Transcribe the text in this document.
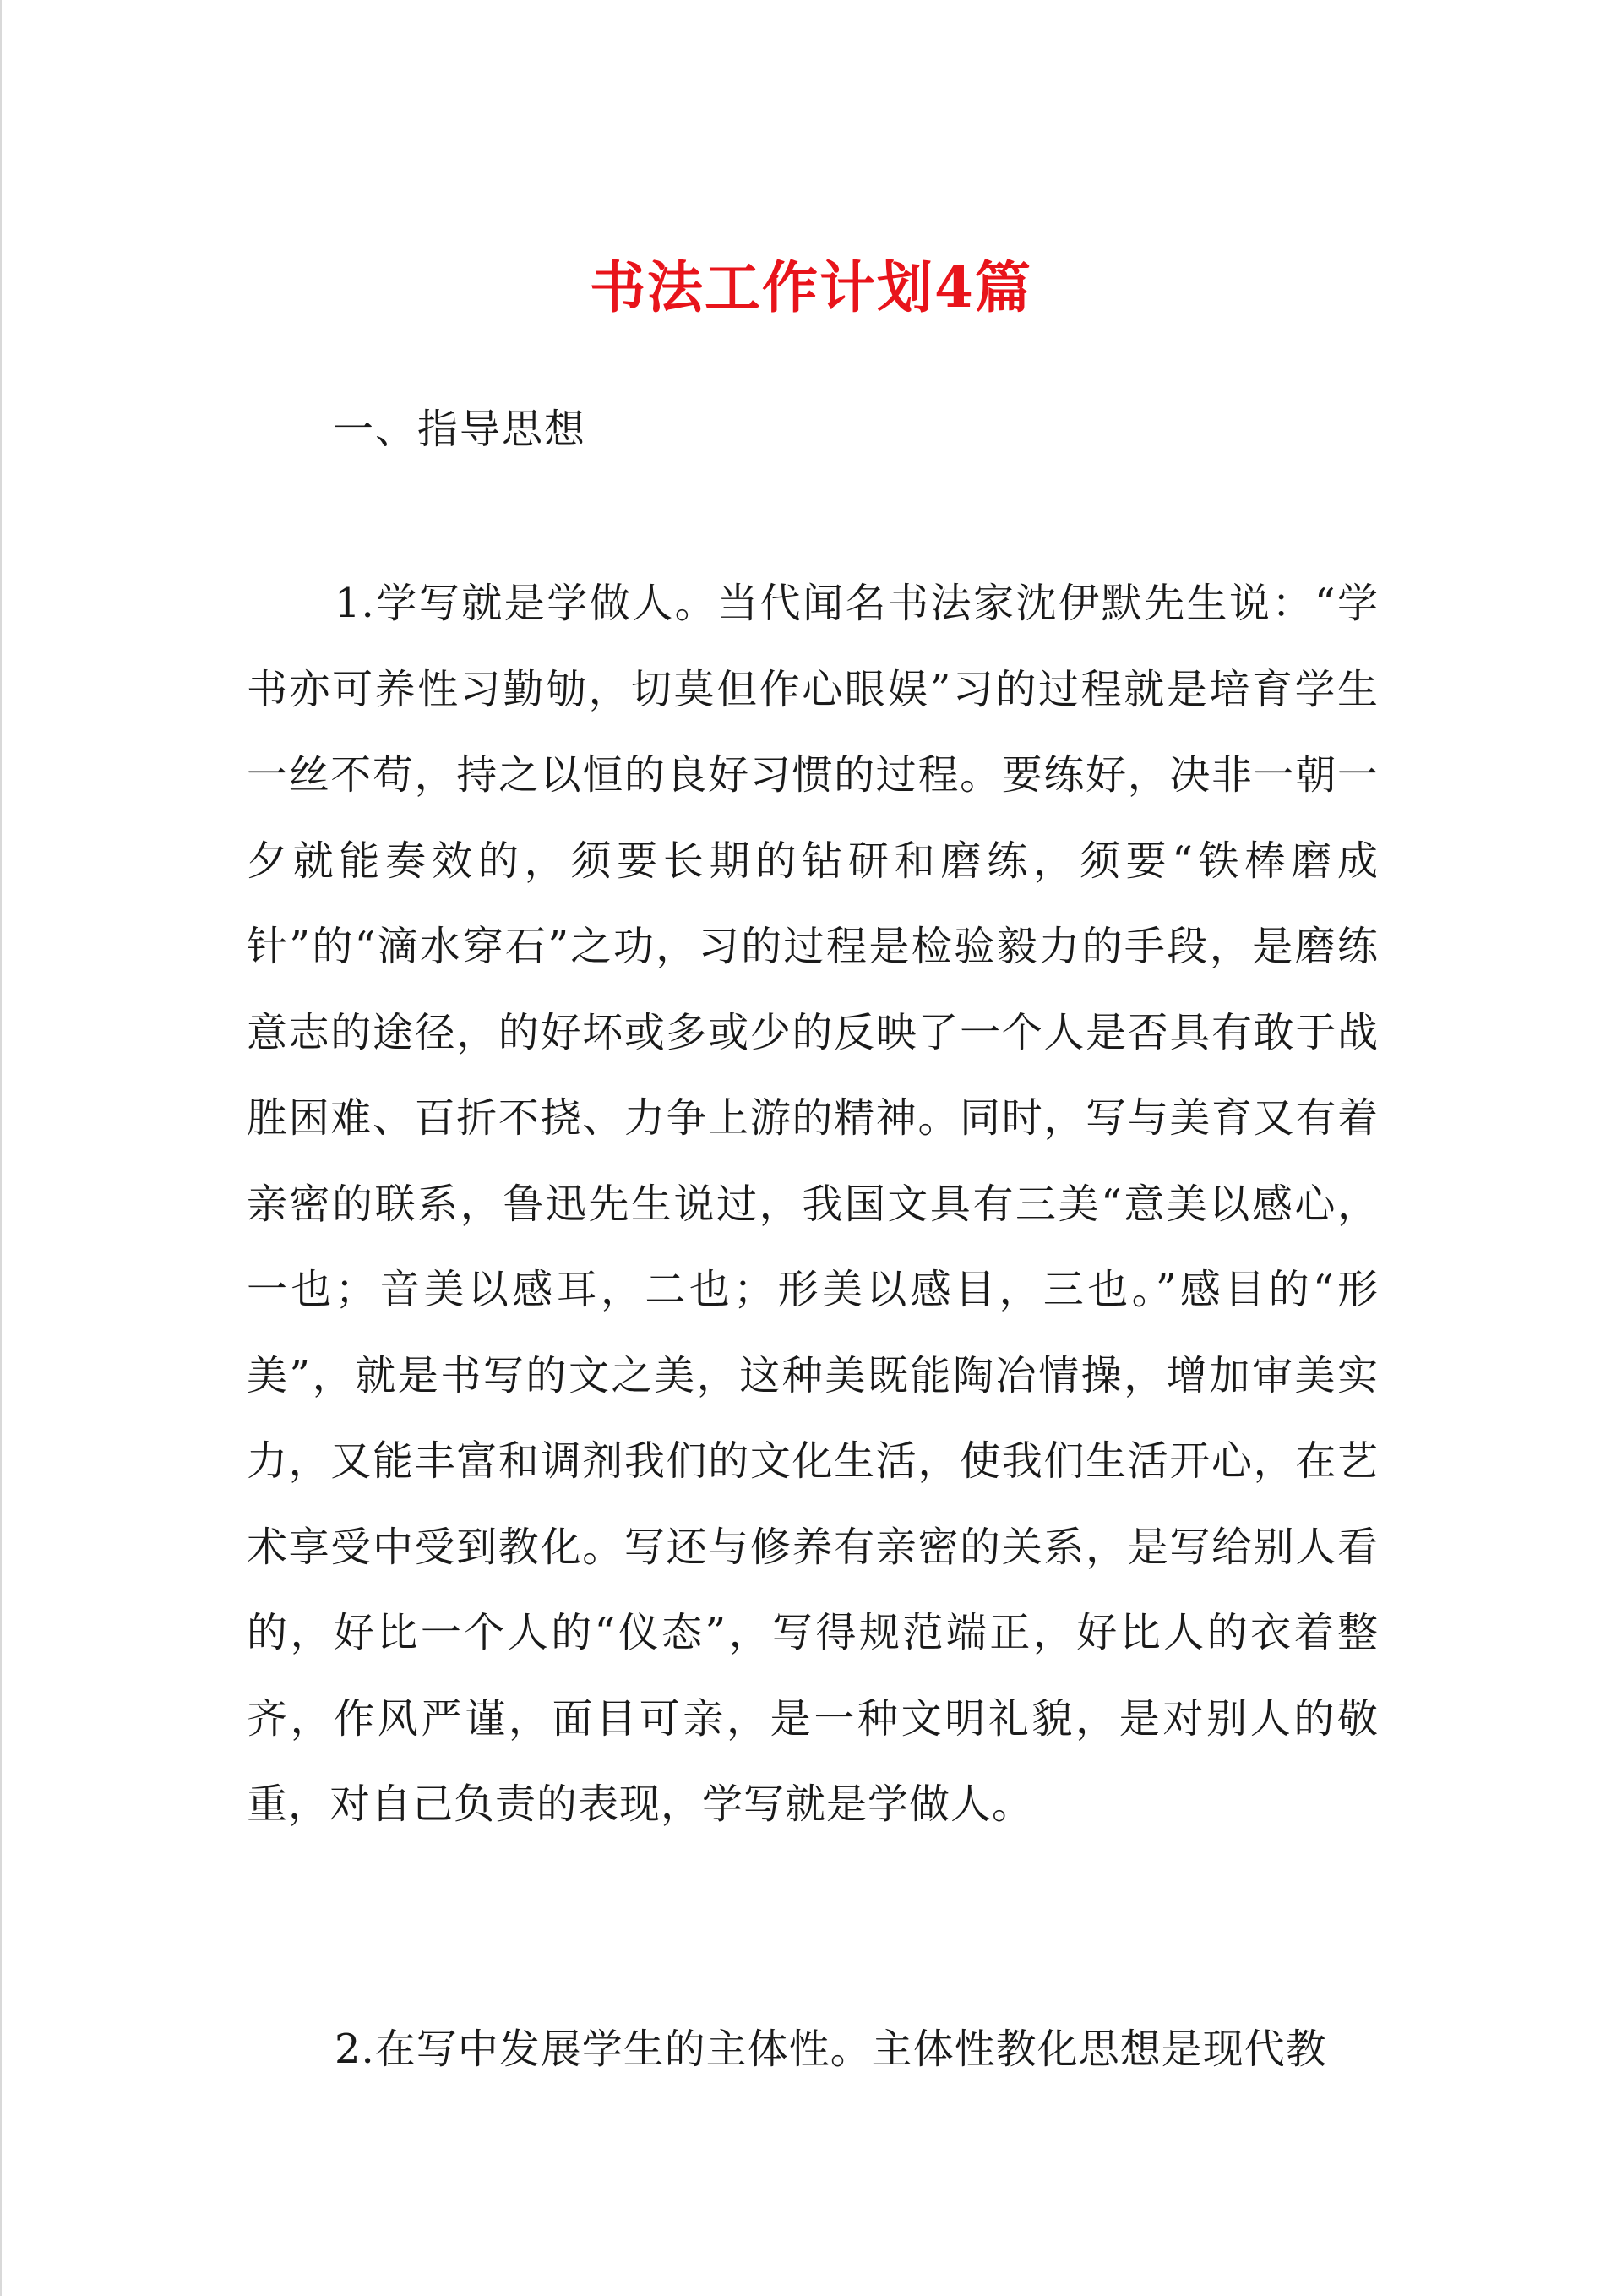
书法工作计划4篇
一、指导思想

1.学写就是学做人。当代闻名书法家沈伊默先生说：“学书亦可养性习勤劬，切莫但作心眼娱”习的过程就是培育学生一丝不苟，持之以恒的良好习惯的过程。要练好，决非一朝一夕就能奏效的，须要长期的钻研和磨练，须要“铁棒磨成针”的“滴水穿石”之功，习的过程是检验毅力的手段，是磨练意志的途径，的好坏或多或少的反映了一个人是否具有敢于战胜困难、百折不挠、力争上游的精神。同时，写与美育又有着亲密的联系，鲁迅先生说过，我国文具有三美“意美以感心，一也；音美以感耳，二也；形美以感目，三也。”感目的“形美”，就是书写的文之美，这种美既能陶冶情操，增加审美实力，又能丰富和调剂我们的文化生活，使我们生活开心，在艺术享受中受到教化。写还与修养有亲密的关系，是写给别人看的，好比一个人的“仪态”，写得规范端正，好比人的衣着整齐，作风严谨，面目可亲，是一种文明礼貌，是对别人的敬重，对自己负责的表现，学写就是学做人。

2.在写中发展学生的主体性。主体性教化思想是现代教
